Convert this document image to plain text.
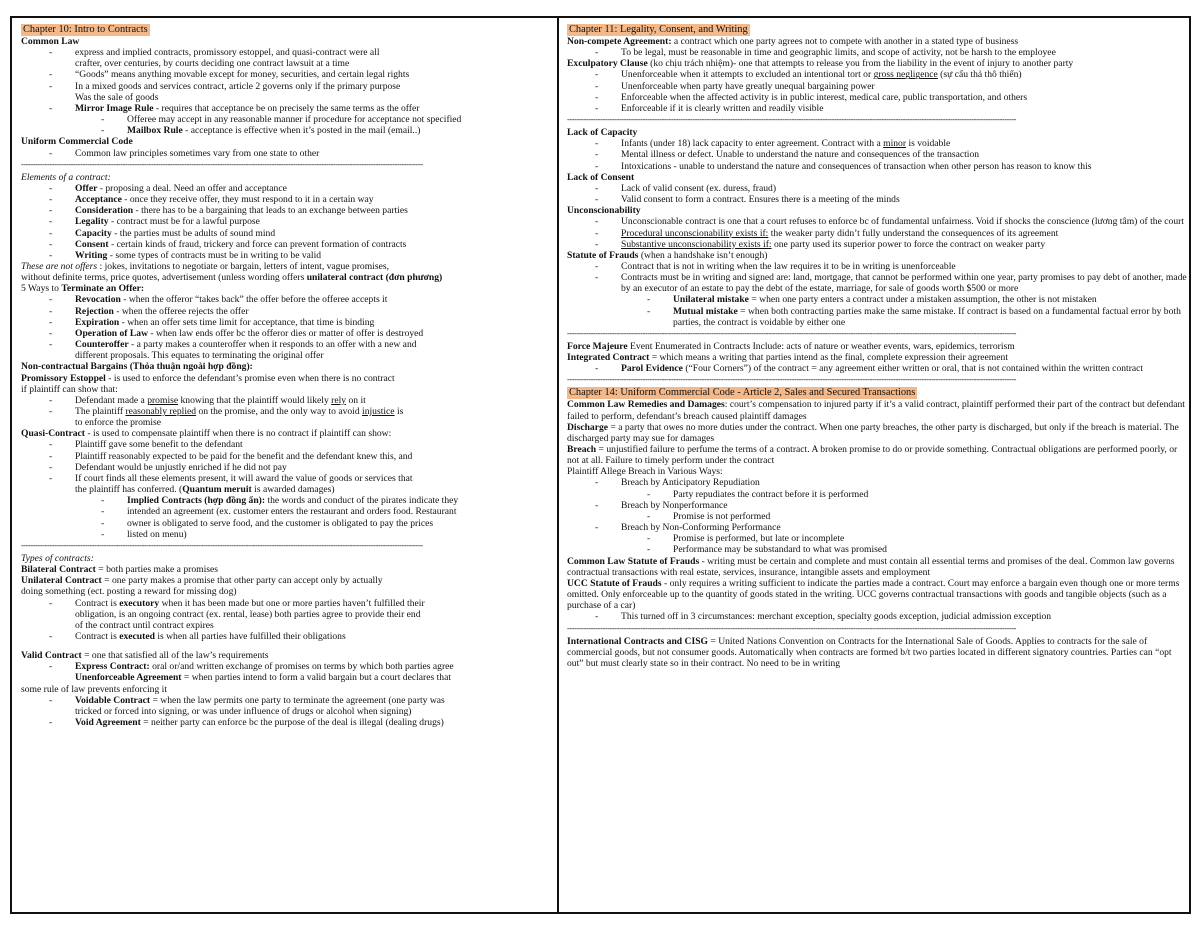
Chapter 10: Intro to Contracts
Common Law
-	express and implied contracts, promissory estoppel, and quasi-contract were all
crafter, over centuries, by courts deciding one contract lawsuit at a time
-	“Goods” means anything movable except for money, securities, and certain legal rights
-	In a mixed goods and services contract, article 2 governs only if the primary purpose
Was the sale of goods
-	Mirror Image Rule - requires that acceptance be on precisely the same terms as the offer
-	Offeree may accept in any reasonable manner if procedure for acceptance not specified
-	Mailbox Rule - acceptance is effective when it’s posted in the mail (email..)
Uniform Commercial Code
-	Common law principles sometimes vary from one state to other
--------------------------------------------------------------------------------------------------------------------------------------------------------------------------
Elements of a contract:
-	Offer - proposing a deal. Need an offer and acceptance
-	Acceptance - once they receive offer, they must respond to it in a certain way
-	Consideration - there has to be a bargaining that leads to an exchange between parties
-	Legality - contract must be for a lawful purpose
-	Capacity - the parties must be adults of sound mind
-	Consent - certain kinds of fraud, trickery and force can prevent formation of contracts
-	Writing - some types of contracts must be in writing to be valid
These are not offers : jokes, invitations to negotiate or bargain, letters of intent, vague promises,
without definite terms, price quotes, advertisement (unless wording offers unilateral contract (đơn phương)
5 Ways to Terminate an Offer:
-	Revocation - when the offeror “takes back” the offer before the offeree accepts it
-	Rejection - when the offeree rejects the offer
-	Expiration - when an offer sets time limit for acceptance, that time is binding
-	Operation of Law - when law ends offer bc the offeror dies or matter of offer is destroyed
-	Counteroffer - a party makes a counteroffer when it responds to an offer with a new and
different proposals. This equates to terminating the original offer
Non-contractual Bargains (Thỏa thuận ngoài hợp đồng):
Promissory Estoppel - is used to enforce the defendant’s promise even when there is no contract
if plaintiff can show that:
-	Defendant made a promise knowing that the plaintiff would likely rely on it
-	The plaintiff reasonably replied on the promise, and the only way to avoid injustice is
to enforce the promise
Quasi-Contract - is used to compensate plaintiff when there is no contract if plaintiff can show:
-	Plaintiff gave some benefit to the defendant
-	Plaintiff reasonably expected to be paid for the benefit and the defendant knew this, and
-	Defendant would be unjustly enriched if he did not pay
-	If court finds all these elements present, it will award the value of goods or services that
the plaintiff has conferred. (Quantum meruit is awarded damages)
-	Implied Contracts (hợp đồng ẩn): the words and conduct of the pirates indicate they
-	intended an agreement (ex. customer enters the restaurant and orders food. Restaurant
-	owner is obligated to serve food, and the customer is obligated to pay the prices
-	listed on menu)
--------------------------------------------------------------------------------------------------------------------------------------------------------------------------
Types of contracts:
Bilateral Contract = both parties make a promises
Unilateral Contract = one party makes a promise that other party can accept only by actually
doing something (ect. posting a reward for missing dog)
-	Contract is executory when it has been made but one or more parties haven’t fulfilled their
obligation, is an ongoing contract (ex. rental, lease) both parties agree to provide their end
of the contract until contract expires
-	Contract is executed is when all parties have fulfilled their obligations
Valid Contract = one that satisfied all of the law’s requirements
-	Express Contract: oral or/and written exchange of promises on terms by which both parties agree
Unenforceable Agreement = when parties intend to form a valid bargain but a court declares that
some rule of law prevents enforcing it
-	Voidable Contract = when the law permits one party to terminate the agreement (one party was
tricked or forced into signing, or was under influence of drugs or alcohol when signing)
-	Void Agreement = neither party can enforce bc the purpose of the deal is illegal (dealing drugs)
Chapter 11: Legality, Consent, and Writing
Non-compete Agreement: a contract which one party agrees not to compete with another in a stated type of business
-	To be legal, must be reasonable in time and geographic limits, and scope of activity, not be harsh to the employee
Exculpatory Clause (ko chịu trách nhiệm)- one that attempts to release you from the liability in the event of injury to another party
-	Unenforceable when it attempts to excluded an intentional tort or gross negligence (sự cẩu thả thô thiển)
-	Unenforceable when party have greatly unequal bargaining power
-	Enforceable when the affected activity is in public interest, medical care, public transportation, and others
-	Enforceable if it is clearly written and readily visible
----------------------------------------------------------------------------------------------------------------------------------------------------------------------------------------------
Lack of Capacity
-	Infants (under 18) lack capacity to enter agreement. Contract with a minor is voidable
-	Mental illness or defect. Unable to understand the nature and consequences of the transaction
-	Intoxications - unable to understand the nature and consequences of transaction when other person has reason to know this
Lack of Consent
-	Lack of valid consent (ex. duress, fraud)
-	Valid consent to form a contract. Ensures there is a meeting of the minds
Unconscionability
-	Unconscionable contract is one that a court refuses to enforce bc of fundamental unfairness. Void if shocks the conscience (lương tâm) of the court
-	Procedural unconscionability exists if: the weaker party didn’t fully understand the consequences of its agreement
-	Substantive unconscionability exists if: one party used its superior power to force the contract on weaker party
Statute of Frauds (when a handshake isn’t enough)
-	Contract that is not in writing when the law requires it to be in writing is unenforceable
-	Contracts must be in writing and signed are: land, mortgage, that cannot be performed within one year, party promises to pay debt of another, made by an executor of an estate to pay the debt of the estate, marriage, for sale of goods worth $500 or more
-	Unilateral mistake = when one party enters a contract under a mistaken assumption, the other is not mistaken
-	Mutual mistake = when both contracting parties make the same mistake. If contract is based on a fundamental factual error by both parties, the contract is voidable by either one
----------------------------------------------------------------------------------------------------------------------------------------------------------------------------------------------
Force Majeure Event Enumerated in Contracts Include: acts of nature or weather events, wars, epidemics, terrorism
Integrated Contract = which means a writing that parties intend as the final, complete expression their agreement
-	Parol Evidence (“Four Corners”) of the contract = any agreement either written or oral, that is not contained within the written contract
----------------------------------------------------------------------------------------------------------------------------------------------------------------------------------------------
Chapter 14: Uniform Commercial Code - Article 2, Sales and Secured Transactions
Common Law Remedies and Damages: court’s compensation to injured party if it’s a valid contract, plaintiff performed their part of the contract but defendant failed to perform, defendant’s breach caused plaintiff damages
Discharge = a party that owes no more duties under the contract. When one party breaches, the other party is discharged, but only if the breach is material. The discharged party may sue for damages
Breach = unjustified failure to perfume the terms of a contract. A broken promise to do or provide something. Contractual obligations are performed poorly, or not at all. Failure to timely perform under the contract
Plaintiff Allege Breach in Various Ways:
-	Breach by Anticipatory Repudiation
-	Party repudiates the contract before it is performed
-	Breach by Nonperformance
-	Promise is not performed
-	Breach by Non-Conforming Performance
-	Promise is performed, but late or incomplete
-	Performance may be substandard to what was promised
Common Law Statute of Frauds - writing must be certain and complete and must contain all essential terms and promises of the deal. Common law governs contractual transactions with real estate, services, insurance, intangible assets and employment
UCC Statute of Frauds - only requires a writing sufficient to indicate the parties made a contract. Court may enforce a bargain even though one or more terms omitted. Only enforceable up to the quantity of goods stated in the writing. UCC governs contractual transactions with goods and tangible objects (such as a purchase of a car)
-	This turned off in 3 circumstances: merchant exception, specialty goods exception, judicial admission exception
----------------------------------------------------------------------------------------------------------------------------------------------------------------------------------------------
International Contracts and CISG = United Nations Convention on Contracts for the International Sale of Goods. Applies to contracts for the sale of commercial goods, but not consumer goods. Automatically when contracts are formed b/t two parties located in different signatory countries. Parties can “opt out” but must clearly state so in their contract. No need to be in writing
